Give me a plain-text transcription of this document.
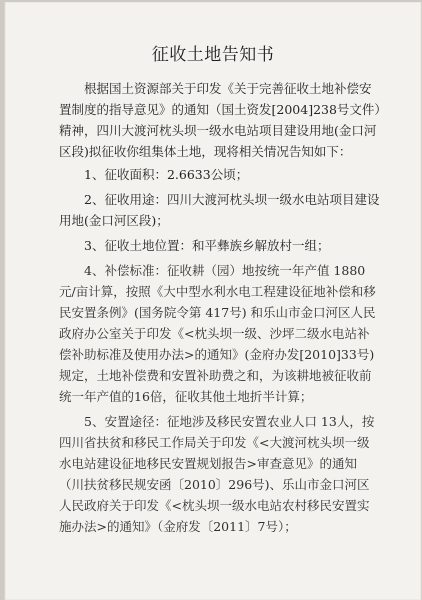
征收土地告知书

根据国土资源部关于印发《关于完善征收土地补偿安置制度的指导意见》的通知（国土资发[2004]238号文件）精神，四川大渡河枕头坝一级水电站项目建设用地(金口河区段)拟征收你组集体土地，现将相关情况告知如下：

1、征收面积：2.6633公顷；

2、征收用途：四川大渡河枕头坝一级水电站项目建设用地(金口河区段)；

3、征收土地位置：和平彝族乡解放村一组；

4、补偿标准：征收耕（园）地按统一年产值 1880元/亩计算，按照《大中型水利水电工程建设征地补偿和移民安置条例》(国务院令第 417号) 和乐山市金口河区人民政府办公室关于印发《<枕头坝一级、沙坪二级水电站补偿补助标准及使用办法>的通知》(金府办发[2010]33号) 规定，土地补偿费和安置补助费之和，为该耕地被征收前统一年产值的16倍，征收其他土地折半计算；

5、安置途径：征地涉及移民安置农业人口 13人，按四川省扶贫和移民工作局关于印发《<大渡河枕头坝一级水电站建设征地移民安置规划报告>审查意见》的通知（川扶贫移民规安函〔2010〕296号)、乐山市金口河区人民政府关于印发《<枕头坝一级水电站农村移民安置实施办法>的通知》（金府发〔2011〕7号）；
